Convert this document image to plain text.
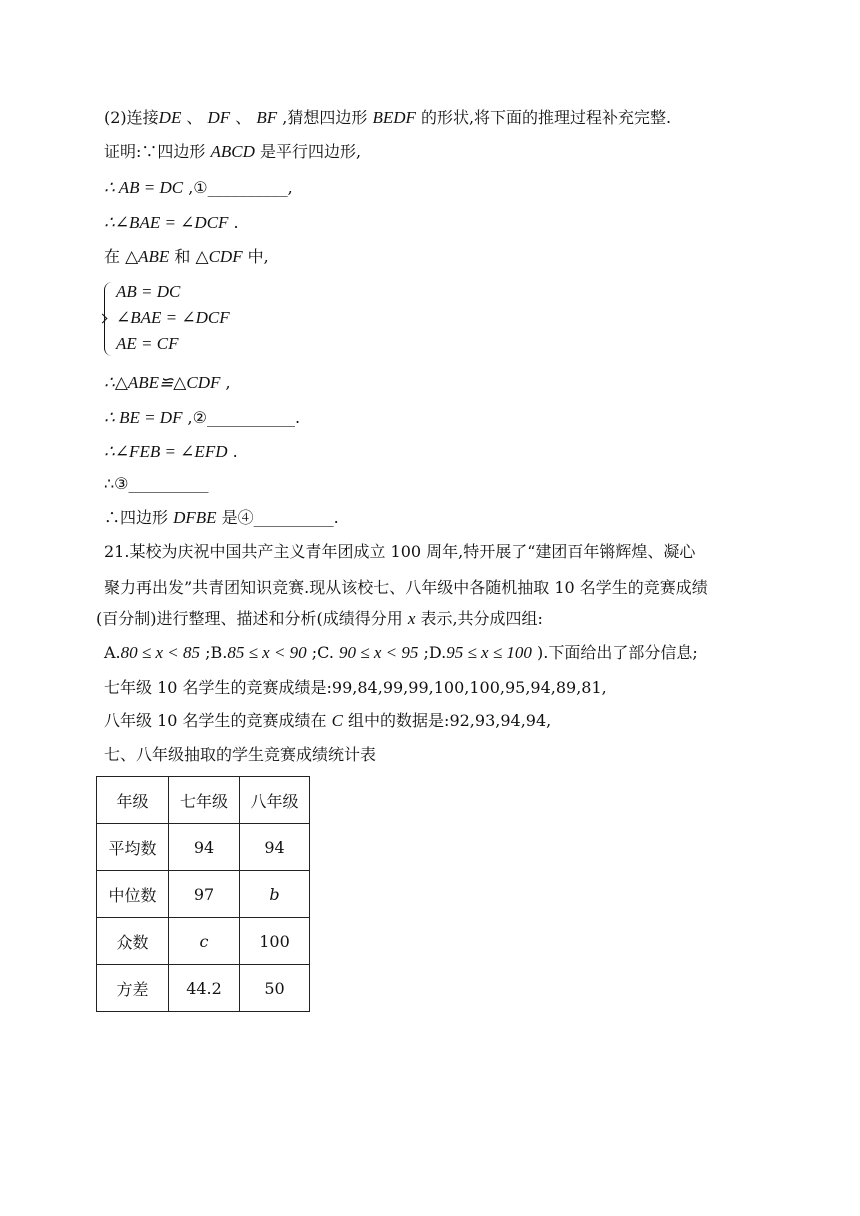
(2)连接DE 、 DF 、 BF ,猜想四边形 BEDF 的形状,将下面的推理过程补充完整.
证明:∵四边形 ABCD 是平行四边形,
∴ AB = DC ,①__________,
∴∠BAE = ∠DCF .
在 △ABE 和 △CDF 中,
AB = DC
∠BAE = ∠DCF
AE = CF
∴△ABE≌△CDF ,
∴ BE = DF ,②___________.
∴∠FEB = ∠EFD .
∴③__________
∴四边形 DFBE 是④__________.
21.某校为庆祝中国共产主义青年团成立 100 周年,特开展了“建团百年锵辉煌、凝心
聚力再出发”共青团知识竞赛.现从该校七、八年级中各随机抽取 10 名学生的竞赛成绩
(百分制)进行整理、描述和分析(成绩得分用 x 表示,共分成四组:
A.80 ≤ x < 85 ;B.85 ≤ x < 90 ;C. 90 ≤ x < 95 ;D.95 ≤ x ≤ 100 ).下面给出了部分信息;
七年级 10 名学生的竞赛成绩是:99,84,99,99,100,100,95,94,89,81,
八年级 10 名学生的竞赛成绩在 C 组中的数据是:92,93,94,94,
七、八年级抽取的学生竞赛成绩统计表
年级	七年级	八年级
平均数	94	94
中位数	97	b
众数	c	100
方差	44.2	50
